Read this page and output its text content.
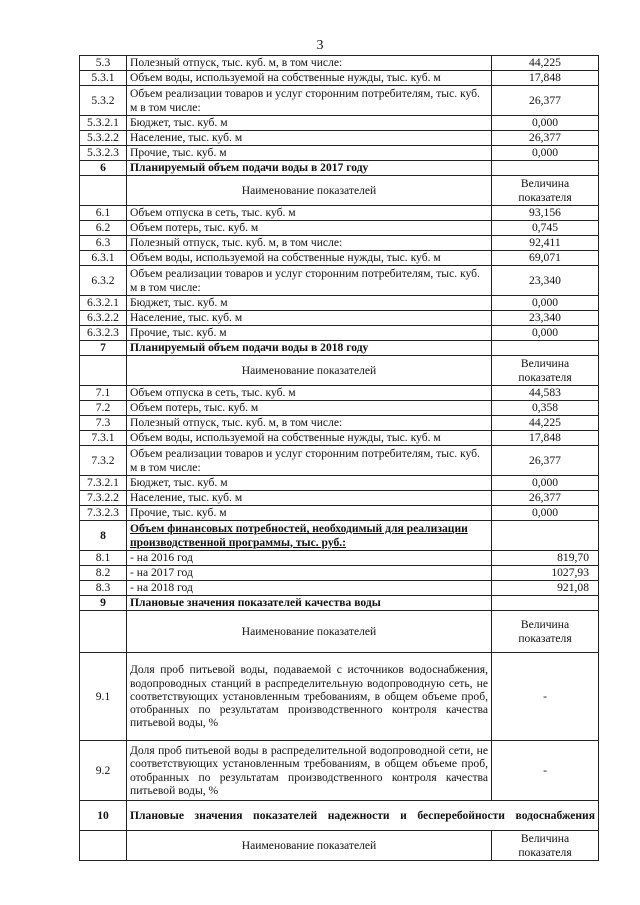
3
5.3	Полезный отпуск, тыс. куб. м, в том числе:	44,225
5.3.1	Объем воды, используемой на собственные нужды, тыс. куб. м	17,848
5.3.2	Объем реализации товаров и услуг сторонним потребителям, тыс. куб. м в том числе:	26,377
5.3.2.1	Бюджет, тыс. куб. м	0,000
5.3.2.2	Население, тыс. куб. м	26,377
5.3.2.3	Прочие, тыс. куб. м	0,000
6	Планируемый объем подачи воды в 2017 году	
	Наименование показателей	Величина показателя
6.1	Объем отпуска в сеть, тыс. куб. м	93,156
6.2	Объем потерь, тыс. куб. м	0,745
6.3	Полезный отпуск, тыс. куб. м, в том числе:	92,411
6.3.1	Объем воды, используемой на собственные нужды, тыс. куб. м	69,071
6.3.2	Объем реализации товаров и услуг сторонним потребителям, тыс. куб. м в том числе:	23,340
6.3.2.1	Бюджет, тыс. куб. м	0,000
6.3.2.2	Население, тыс. куб. м	23,340
6.3.2.3	Прочие, тыс. куб. м	0,000
7	Планируемый объем подачи воды в 2018 году	
	Наименование показателей	Величина показателя
7.1	Объем отпуска в сеть, тыс. куб. м	44,583
7.2	Объем потерь, тыс. куб. м	0,358
7.3	Полезный отпуск, тыс. куб. м, в том числе:	44,225
7.3.1	Объем воды, используемой на собственные нужды, тыс. куб. м	17,848
7.3.2	Объем реализации товаров и услуг сторонним потребителям, тыс. куб. м в том числе:	26,377
7.3.2.1	Бюджет, тыс. куб. м	0,000
7.3.2.2	Население, тыс. куб. м	26,377
7.3.2.3	Прочие, тыс. куб. м	0,000
8	Объем финансовых потребностей, необходимый для реализации производственной программы, тыс. руб.:	
8.1	- на 2016 год	819,70
8.2	- на 2017 год	1027,93
8.3	- на 2018 год	921,08
9	Плановые значения показателей качества воды	
	Наименование показателей	Величина показателя
9.1	Доля проб питьевой воды, подаваемой с источников водоснабжения, водопроводных станций в распределительную водопроводную сеть, не соответствующих установленным требованиям, в общем объеме проб, отобранных по результатам производственного контроля качества питьевой воды, %	-
9.2	Доля проб питьевой воды в распределительной водопроводной сети, не соответствующих установленным требованиям, в общем объеме проб, отобранных по результатам производственного контроля качества питьевой воды, %	-
10	Плановые значения показателей надежности и бесперебойности водоснабжения	
	Наименование показателей	Величина показателя
